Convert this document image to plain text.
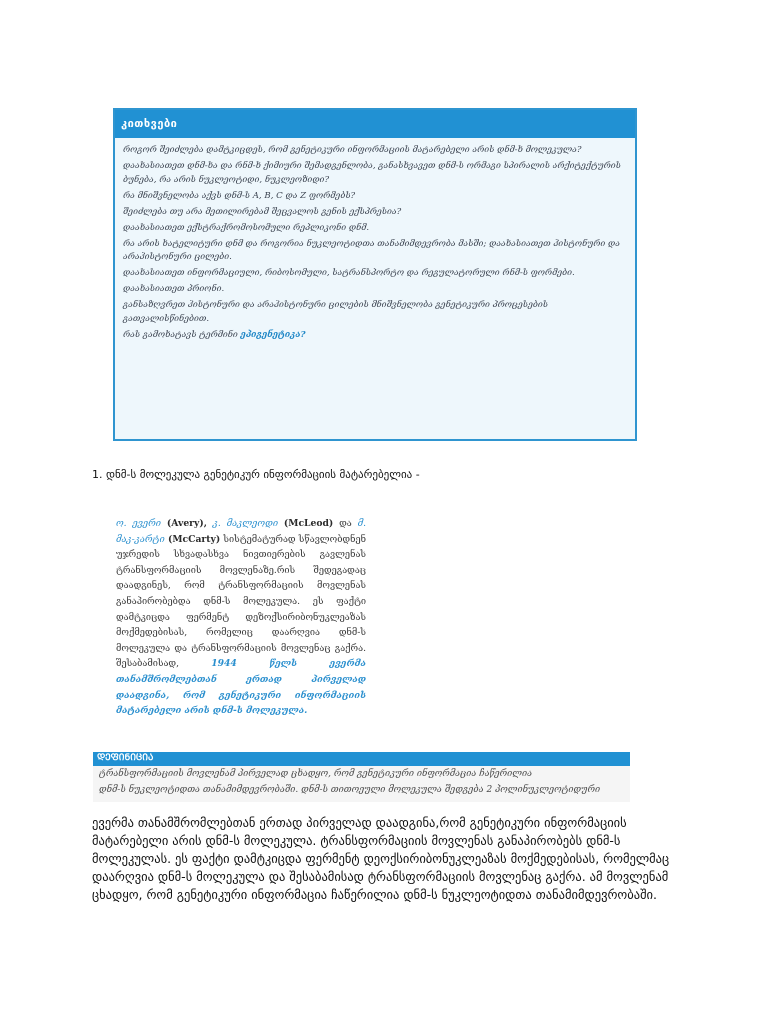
კითხვები
როგორ შეიძლება დამტკიცდეს, რომ გენეტიკური ინფორმაციის მატარებელი არის დნმ-ხ მოლეკულა?
დაახასიათეთ დნმ-ხა და რნმ-ხ ქიმიური შემადგენლობა, განასხვავეთ დნმ-ს ორმაგი სპირალის არქიტექტურის ბუნება, რა არის ნუკლეოტიდი, ნუკლეოზიდი?
რა მნიშვნელობა აქვს დნმ-ს A, B, C და Z ფორმებს?
შეიძლება თუ არა მეთილირებამ შეცვალოს გენის ექსპრესია?
დაახასიათეთ ექსტრაქრომოსომული რეპლიკონი დნმ.
რა არის ხატელიტური დნმ და როგორია ნუკლეოტიდთა თანამიმდევრობა მასში; დაახასიათეთ ჰისტონური და არაჰისტონური ცილები.
დაახასიათეთ ინფორმაციული, რიბოსომული, სატრანსპორტო და რეგულატორული რნმ-ს ფორმები.
დაახასიათეთ პრიონი.
განსაზღვრეთ ჰისტონური და არაჰისტონური ცილების მნიშვნელობა გენეტიკური პროცესების გათვალისწინებით.
რას გამოხატავს ტერმინი ეპიგენეტიკა?
1. დნმ-ს მოლეკულა გენეტიკურ ინფორმაციის მატარებელია -
ო. ევერი (Avery), კ. მაკლეოდი (McLeod) და მ. მაკ-კარტი (McCarty) სისტემატურად სწავლობდნენ უჯრედის სხვადასხვა ნივთიერების გავლენას ტრანსფორმაციის მოვლენაზე.რის შედეგადაც დაადგინეს, რომ ტრანსფორმაციის მოვლენას განაპირობებდა დნმ-ს მოლეკულა. ეს ფაქტი დამტკიცდა ფერმენტ დეზოქსირიბონუკლეაზას მოქმედებისას, რომელიც დაარღვია დნმ-ს მოლეკულა და ტრანსფორმაციის მოვლენაც გაქრა. შესაბამისად,	1944 წელს ევერმა თანამშრომლებთან ერთად პირველად დაადგინა, რომ გენეტიკური ინფორმაციის მატარებელი არის დნმ-ს მოლეკულა.
ᲓᲔᲤᲘᲜᲘᲪᲘᲐ
ტრანსფორმაციის მოვლენამ პირველად ცხადყო, რომ გენეტიკური ინფორმაცია ჩაწერილია
დნმ-ს ნუკლეოტიდთა თანამიმდევრობაში. დნმ-ს თითოეული მოლეკულა შედგება 2 პოლინუკლეოტიდური
ევერმა თანამშრომლებთან ერთად პირველად დაადგინა,რომ გენეტიკური ინფორმაციის მატარებელი არის დნმ-ს მოლეკულა. ტრანსფორმაციის მოვლენას განაპირობებს დნმ-ს მოლეკულას. ეს ფაქტი დამტკიცდა ფერმენტ დეოქსირიბონუკლეაზას მოქმედებისას, რომელმაც დაარღვია დნმ-ს მოლეკულა და შესაბამისად ტრანსფორმაციის მოვლენაც გაქრა. ამ მოვლენამ ცხადყო, რომ გენეტიკური ინფორმაცია ჩაწერილია დნმ-ს ნუკლეოტიდთა თანამიმდევრობაში.
